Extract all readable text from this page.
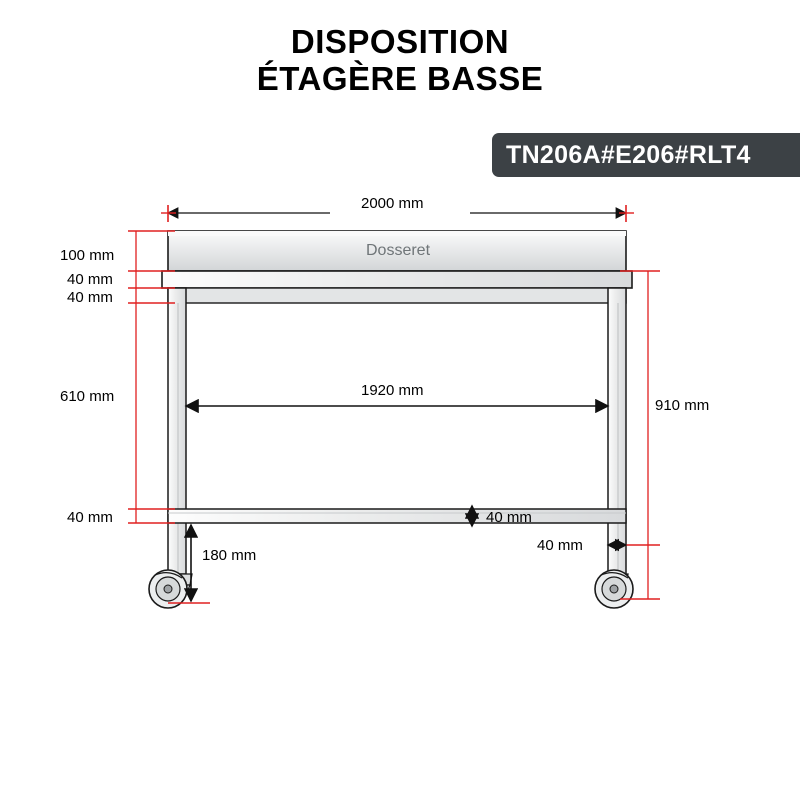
DISPOSITION
ÉTAGÈRE BASSE
TN206A#E206#RLT4
2000 mm
Dosseret
100 mm
40 mm
40 mm
610 mm	1920 mm
910 mm
40 mm	40 mm
40 mm
180 mm
